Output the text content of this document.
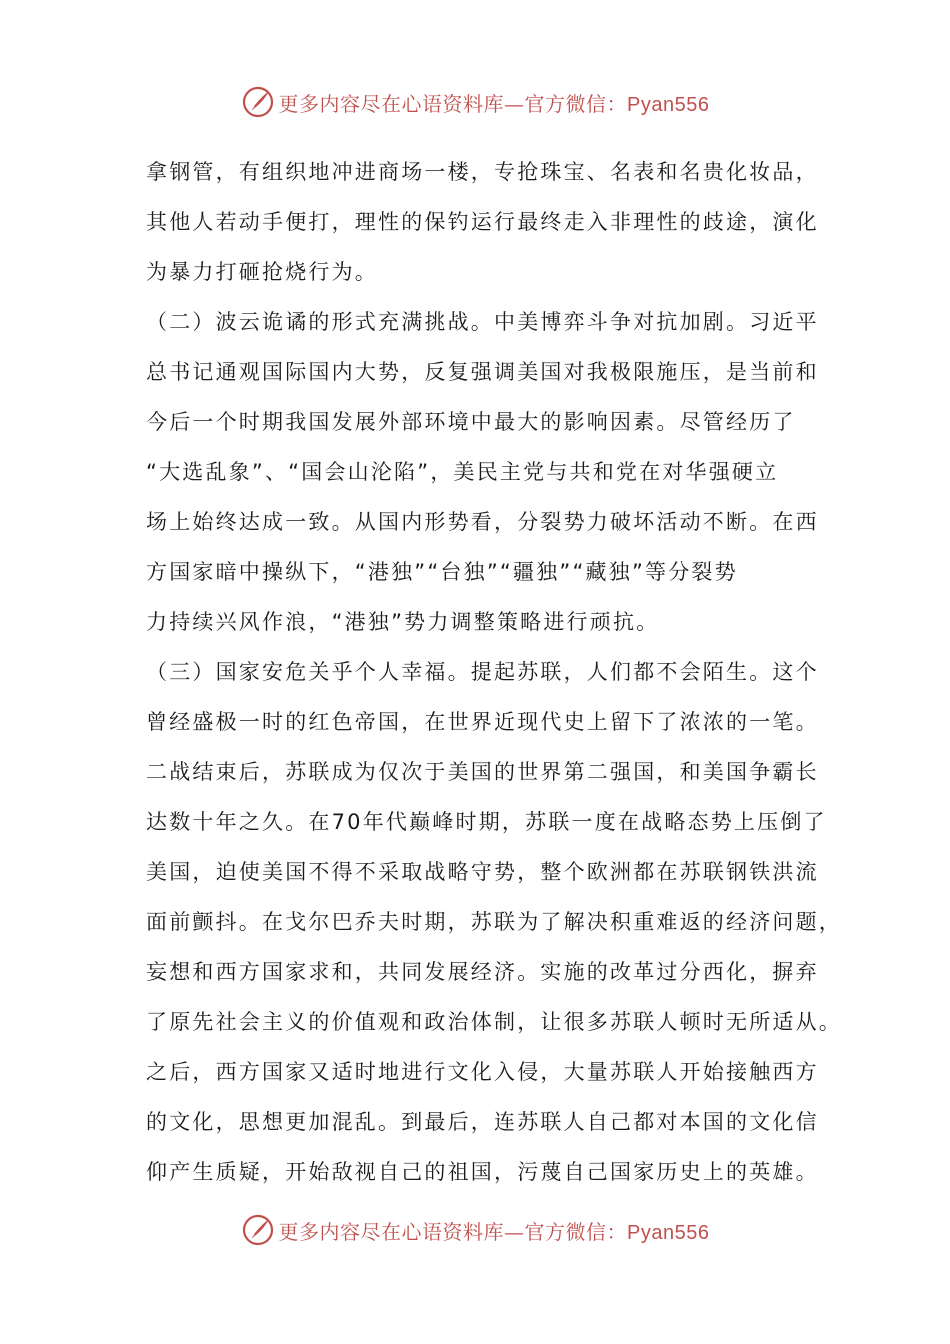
更多内容尽在心语资料库—官方微信：Pyan556
拿钢管，有组织地冲进商场一楼，专抢珠宝、名表和名贵化妆品，
其他人若动手便打，理性的保钓运行最终走入非理性的歧途，演化
为暴力打砸抢烧行为。
（二）波云诡谲的形式充满挑战。中美博弈斗争对抗加剧。习近平
总书记通观国际国内大势，反复强调美国对我极限施压，是当前和
今后一个时期我国发展外部环境中最大的影响因素。尽管经历了
“大选乱象”、“国会山沦陷”，美民主党与共和党在对华强硬立
场上始终达成一致。从国内形势看，分裂势力破坏活动不断。在西
方国家暗中操纵下，“港独”“台独”“疆独”“藏独”等分裂势
力持续兴风作浪，“港独”势力调整策略进行顽抗。
（三）国家安危关乎个人幸福。提起苏联，人们都不会陌生。这个
曾经盛极一时的红色帝国，在世界近现代史上留下了浓浓的一笔。
二战结束后，苏联成为仅次于美国的世界第二强国，和美国争霸长
达数十年之久。在70年代巅峰时期，苏联一度在战略态势上压倒了
美国，迫使美国不得不采取战略守势，整个欧洲都在苏联钢铁洪流
面前颤抖。在戈尔巴乔夫时期，苏联为了解决积重难返的经济问题，
妄想和西方国家求和，共同发展经济。实施的改革过分西化，摒弃
了原先社会主义的价值观和政治体制，让很多苏联人顿时无所适从。
之后，西方国家又适时地进行文化入侵，大量苏联人开始接触西方
的文化，思想更加混乱。到最后，连苏联人自己都对本国的文化信
仰产生质疑，开始敌视自己的祖国，污蔑自己国家历史上的英雄。
更多内容尽在心语资料库—官方微信：Pyan556
